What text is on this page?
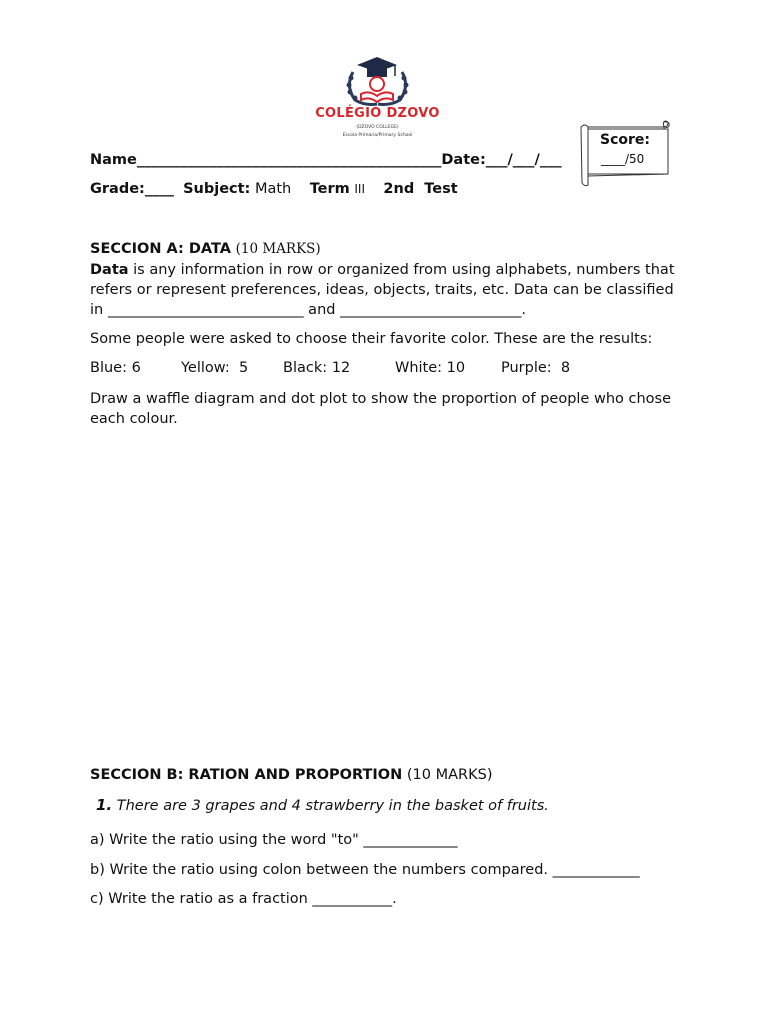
COLÉGIO DZOVO
(DZOVO COLLEGE)
Escola Primaria/Primary School	Score:
____/50
Name__________________________________________Date:___/___/___
Grade:____ Subject: Math Term III 2nd  Test
SECCION A: DATA (10 MARKS)
Data is any information in row or organized from using alphabets, numbers that refers or represent preferences, ideas, objects, traits, etc. Data can be classified in ___________________________ and _________________________.
Some people were asked to choose their favorite color. These are the results:
Blue: 6	Yellow:  5 Black: 12	White: 10 Purple:  8
Draw a waffle diagram and dot plot to show the proportion of people who chose each colour.
SECCION B: RATION AND PROPORTION (10 MARKS)
1. There are 3 grapes and 4 strawberry in the basket of fruits.
a) Write the ratio using the word "to" _____________
b) Write the ratio using colon between the numbers compared. ____________
c) Write the ratio as a fraction ___________.
